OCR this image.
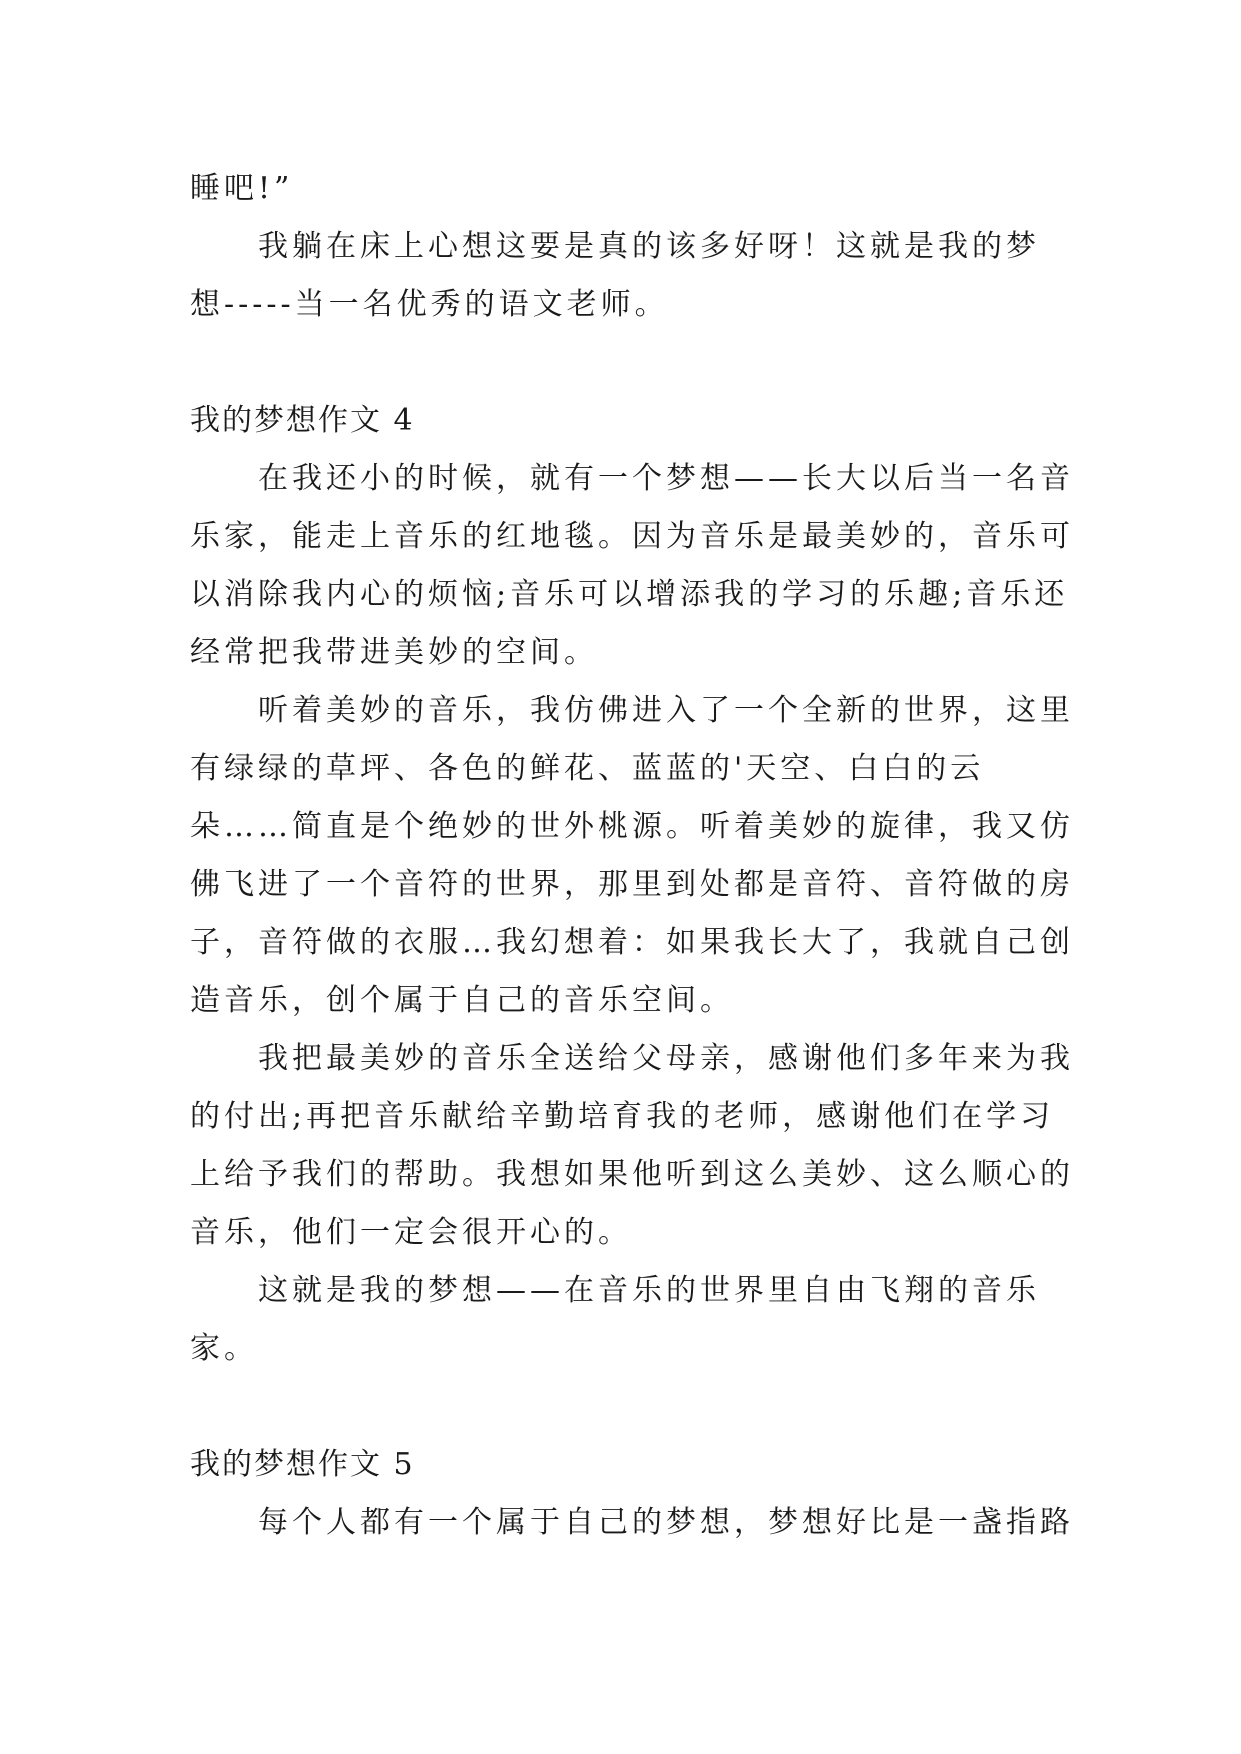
睡吧!”
我躺在床上心想这要是真的该多好呀！这就是我的梦
想-----当一名优秀的语文老师。
我的梦想作文 4
在我还小的时候，就有一个梦想——长大以后当一名音
乐家，能走上音乐的红地毯。因为音乐是最美妙的，音乐可
以消除我内心的烦恼;音乐可以增添我的学习的乐趣;音乐还
经常把我带进美妙的空间。
听着美妙的音乐，我仿佛进入了一个全新的世界，这里
有绿绿的草坪、各色的鲜花、蓝蓝的'天空、白白的云
朵……简直是个绝妙的世外桃源。听着美妙的旋律，我又仿
佛飞进了一个音符的世界，那里到处都是音符、音符做的房
子，音符做的衣服…我幻想着：如果我长大了，我就自己创
造音乐，创个属于自己的音乐空间。
我把最美妙的音乐全送给父母亲，感谢他们多年来为我
的付出;再把音乐献给辛勤培育我的老师，感谢他们在学习
上给予我们的帮助。我想如果他听到这么美妙、这么顺心的
音乐，他们一定会很开心的。
这就是我的梦想——在音乐的世界里自由飞翔的音乐
家。
我的梦想作文 5
每个人都有一个属于自己的梦想，梦想好比是一盏指路
